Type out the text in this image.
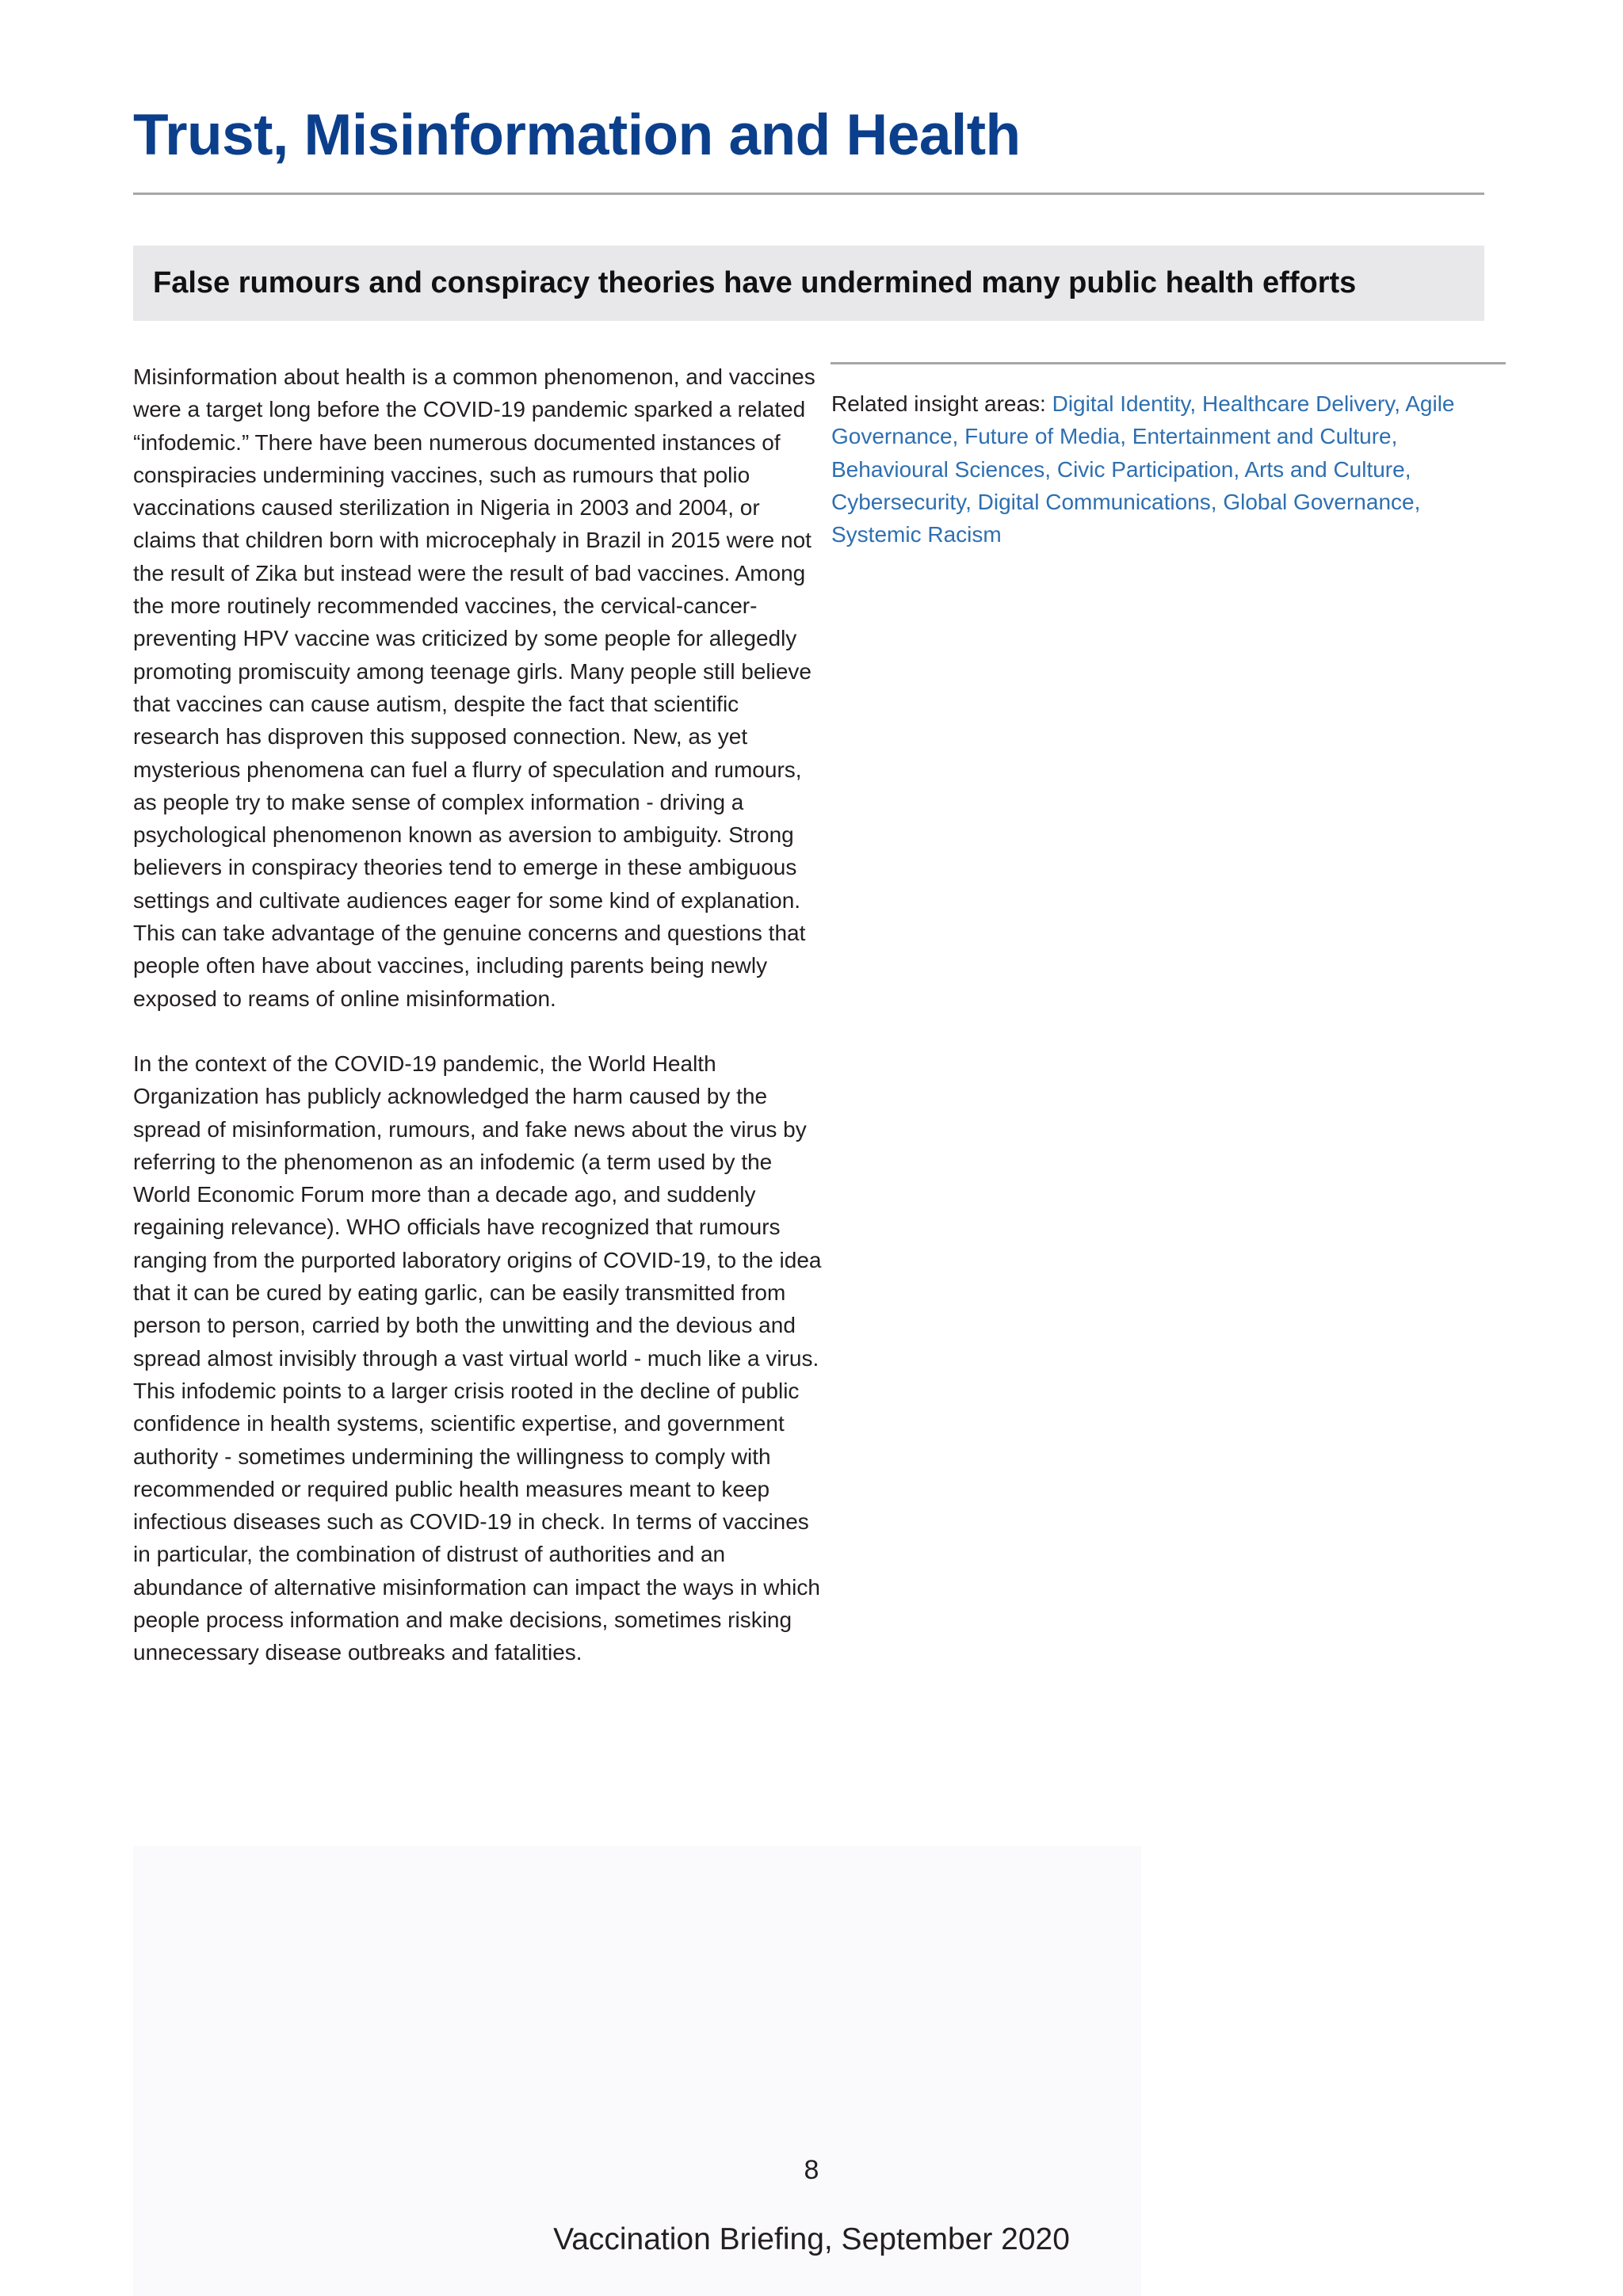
Trust, Misinformation and Health
False rumours and conspiracy theories have undermined many public health efforts

Misinformation about health is a common phenomenon, and vaccines were a target long before the COVID-19 pandemic sparked a related “infodemic.” There have been numerous documented instances of conspiracies undermining vaccines, such as rumours that polio vaccinations caused sterilization in Nigeria in 2003 and 2004, or claims that children born with microcephaly in Brazil in 2015 were not the result of Zika but instead were the result of bad vaccines. Among the more routinely recommended vaccines, the cervical-cancer-preventing HPV vaccine was criticized by some people for allegedly promoting promiscuity among teenage girls. Many people still believe that vaccines can cause autism, despite the fact that scientific research has disproven this supposed connection. New, as yet mysterious phenomena can fuel a flurry of speculation and rumours, as people try to make sense of complex information - driving a psychological phenomenon known as aversion to ambiguity. Strong believers in conspiracy theories tend to emerge in these ambiguous settings and cultivate audiences eager for some kind of explanation. This can take advantage of the genuine concerns and questions that people often have about vaccines, including parents being newly exposed to reams of online misinformation.

In the context of the COVID-19 pandemic, the World Health Organization has publicly acknowledged the harm caused by the spread of misinformation, rumours, and fake news about the virus by referring to the phenomenon as an infodemic (a term used by the World Economic Forum more than a decade ago, and suddenly regaining relevance). WHO officials have recognized that rumours ranging from the purported laboratory origins of COVID-19, to the idea that it can be cured by eating garlic, can be easily transmitted from person to person, carried by both the unwitting and the devious and spread almost invisibly through a vast virtual world - much like a virus. This infodemic points to a larger crisis rooted in the decline of public confidence in health systems, scientific expertise, and government authority - sometimes undermining the willingness to comply with recommended or required public health measures meant to keep infectious diseases such as COVID-19 in check. In terms of vaccines in particular, the combination of distrust of authorities and an abundance of alternative misinformation can impact the ways in which people process information and make decisions, sometimes risking unnecessary disease outbreaks and fatalities.

Related insight areas: Digital Identity, Healthcare Delivery, Agile Governance, Future of Media, Entertainment and Culture, Behavioural Sciences, Civic Participation, Arts and Culture, Cybersecurity, Digital Communications, Global Governance, Systemic Racism
8
Vaccination Briefing, September 2020
